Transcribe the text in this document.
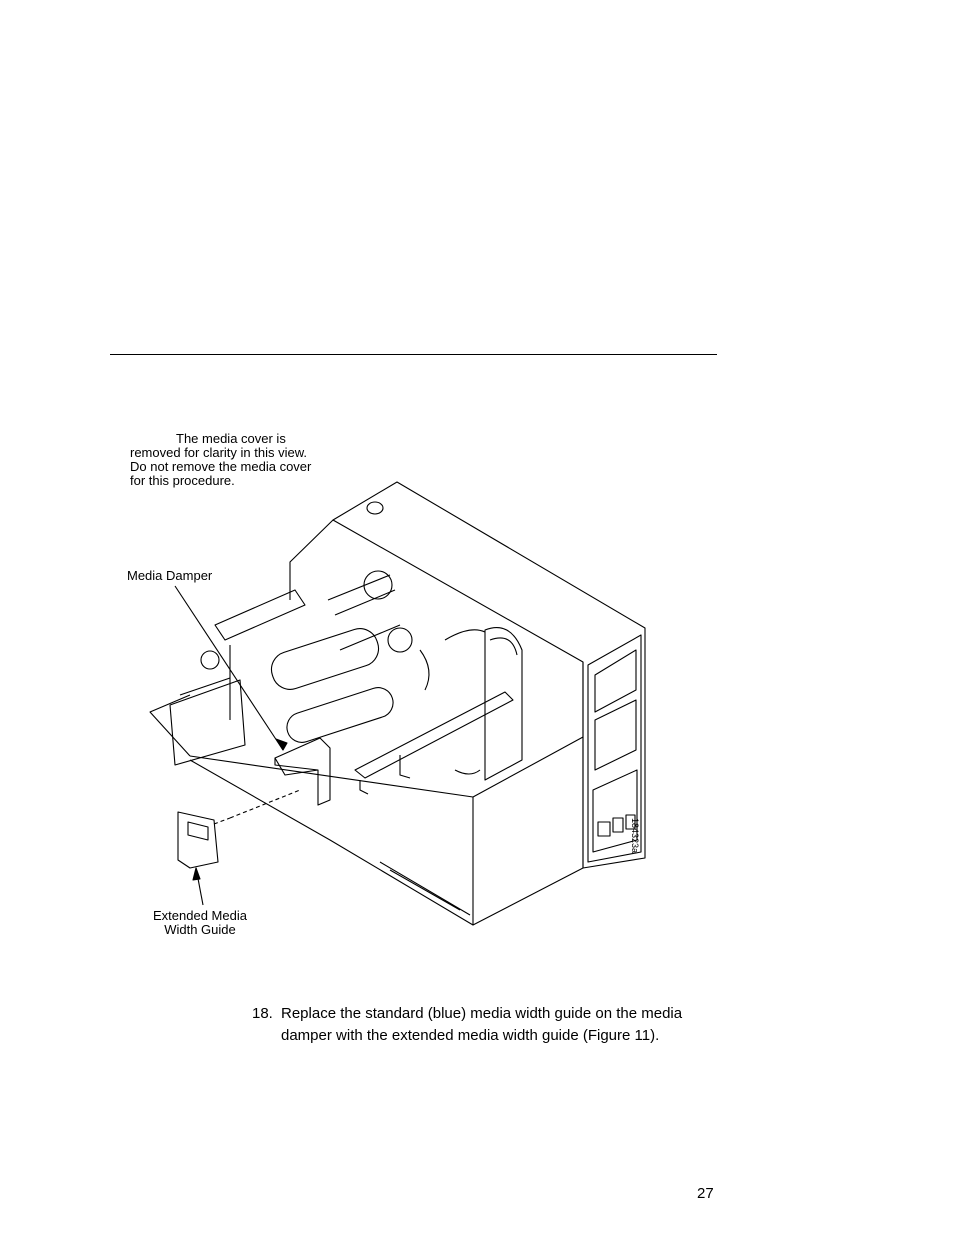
The media cover is removed for clarity in this view. Do not remove the media cover for this procedure.
Media Damper
Extended Media
Width Guide
184323a
18. Replace the standard (blue) media width guide on the media damper with the extended media width guide (Figure 11).
27
